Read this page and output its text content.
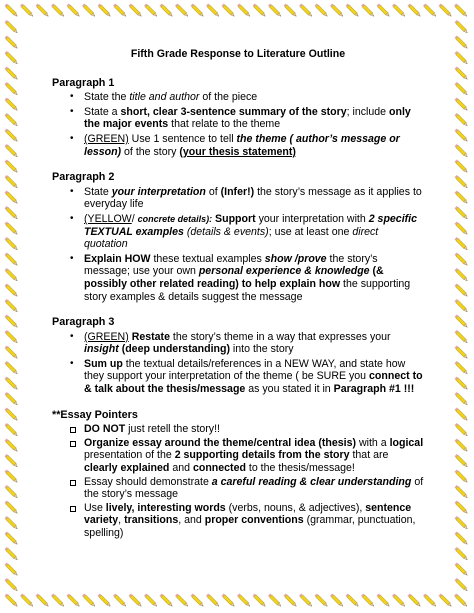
Fifth Grade Response to Literature Outline
Paragraph 1
• State the title and author of the piece
• State a short, clear 3-sentence summary of the story; include only the major events that relate to the theme
• (GREEN) Use 1 sentence to tell the theme ( author’s message or lesson) of the story (your thesis statement)
Paragraph 2
• State your interpretation of (Infer!) the story’s message as it applies to everyday life
• (YELLOW/ concrete details): Support your interpretation with 2 specific TEXTUAL examples (details & events); use at least one direct quotation
• Explain HOW these textual examples show /prove the story’s message; use your own personal experience & knowledge (& possibly other related reading) to help explain how the supporting story examples & details suggest the message
Paragraph 3
• (GREEN) Restate the story’s theme in a way that expresses your insight (deep understanding) into the story
• Sum up the textual details/references in a NEW WAY, and state how they support your interpretation of the theme ( be SURE you connect to & talk about the thesis/message as you stated it in Paragraph #1 !!!
**Essay Pointers
DO NOT just retell the story!!
Organize essay around the theme/central idea (thesis) with a logical presentation of the 2 supporting details from the story that are clearly explained and connected to the thesis/message!
Essay should demonstrate a careful reading & clear understanding of the story’s message
Use lively, interesting words (verbs, nouns, & adjectives), sentence variety, transitions, and proper conventions (grammar, punctuation, spelling)
